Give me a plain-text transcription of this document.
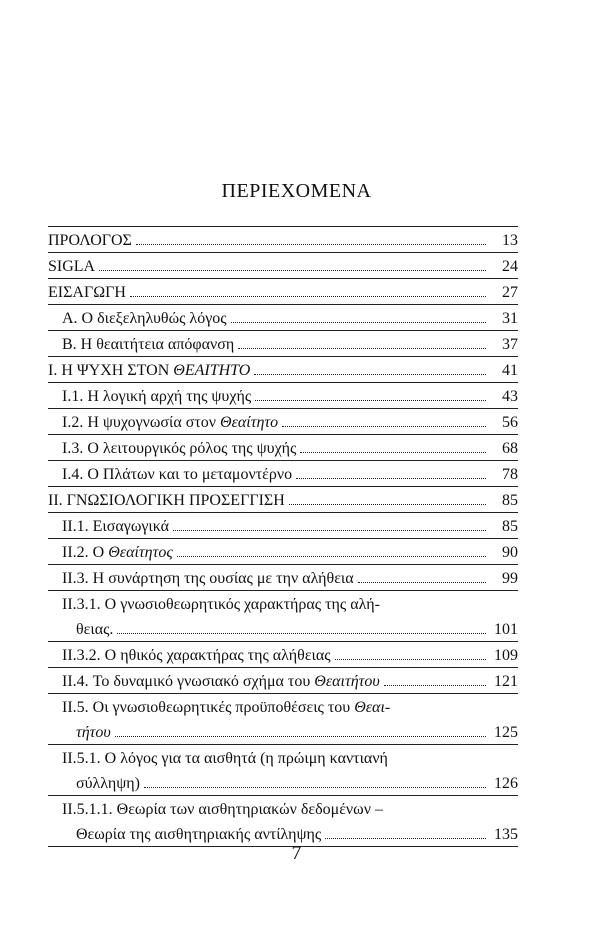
ΠΕΡΙΕΧΟΜΕΝΑ
ΠΡΟΛΟΓΟΣ	13
SIGLA	24
ΕΙΣΑΓΩΓΗ	27
A. Ο διεξεληλυθώς λόγος	31
B. Η θεαιτήτεια απόφανση	37
I. Η ΨΥΧΗ ΣΤΟΝ ΘΕΑΙΤΗΤΟ	41
I.1. Η λογική αρχή της ψυχής	43
I.2. Η ψυχογνωσία στον Θεαίτητο	56
I.3. Ο λειτουργικός ρόλος της ψυχής	68
I.4. Ο Πλάτων και το μεταμοντέρνο	78
II. ΓΝΩΣΙΟΛΟΓΙΚΗ ΠΡΟΣΕΓΓΙΣΗ	85
II.1. Εισαγωγικά	85
II.2. Ο Θεαίτητος	90
II.3. Η συνάρτηση της ουσίας με την αλήθεια	99
II.3.1. Ο γνωσιοθεωρητικός χαρακτήρας της αλή-
θειας.	101
II.3.2. Ο ηθικός χαρακτήρας της αλήθειας	109
II.4. Το δυναμικό γνωσιακό σχήμα του Θεαιτήτου	121
II.5. Οι γνωσιοθεωρητικές προϋποθέσεις του Θεαι-
τήτου	125
II.5.1. Ο λόγος για τα αισθητά (η πρώιμη καντιανή
σύλληψη)	126
II.5.1.1. Θεωρία των αισθητηριακών δεδομένων –
Θεωρία της αισθητηριακής αντίληψης	135
7
